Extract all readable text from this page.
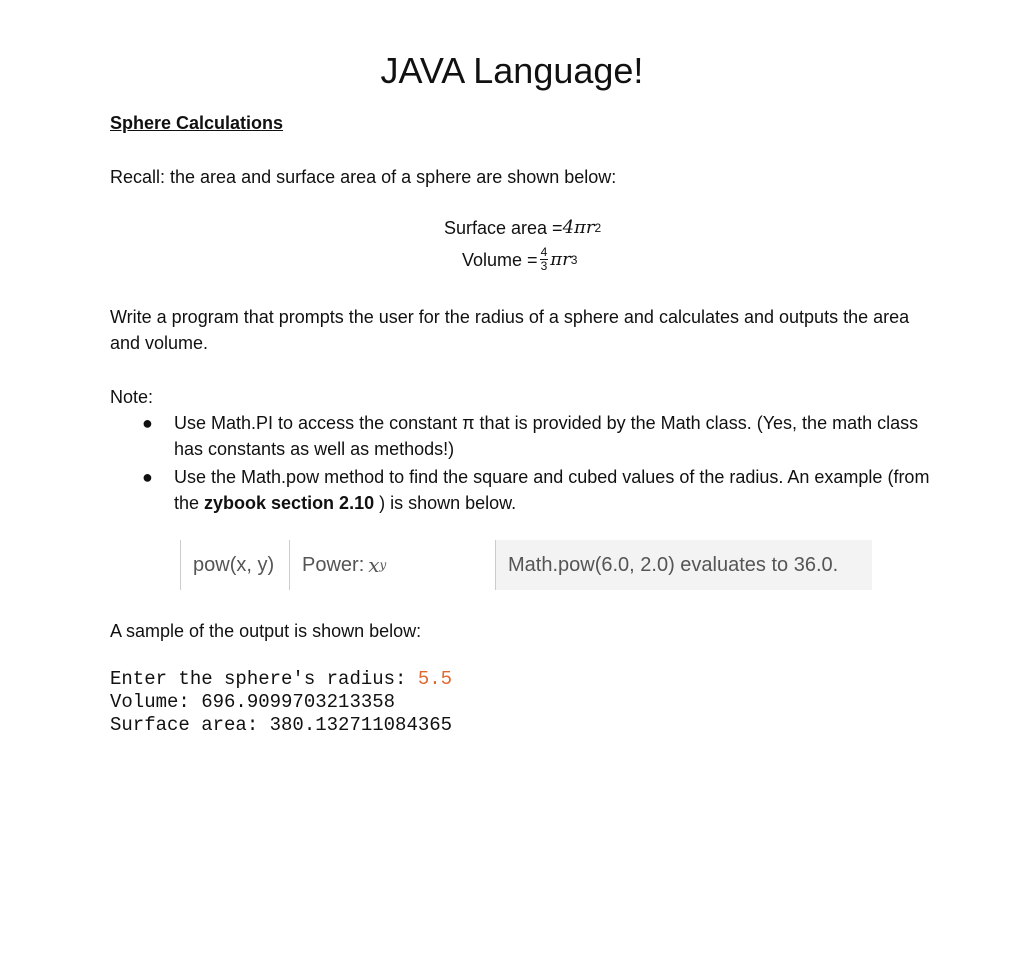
JAVA Language!
Sphere Calculations
Recall: the area and surface area of a sphere are shown below:
Surface area = 4πr 2
Volume = $\frac{4}{3}$ πr 3
Write a program that prompts the user for the radius of a sphere and calculates and outputs the area and volume.
Note:
● Use Math.PI to access the constant π that is provided by the Math class. (Yes, the math class has constants as well as methods!)
● Use the Math.pow method to find the square and cubed values of the radius. An example (from the zybook section 2.10 ) is shown below.
pow(x, y)	Power: x y	Math.pow(6.0, 2.0) evaluates to 36.0.
A sample of the output is shown below:
Enter the sphere's radius: 5.5
Volume: 696.9099703213358
Surface area: 380.132711084365
